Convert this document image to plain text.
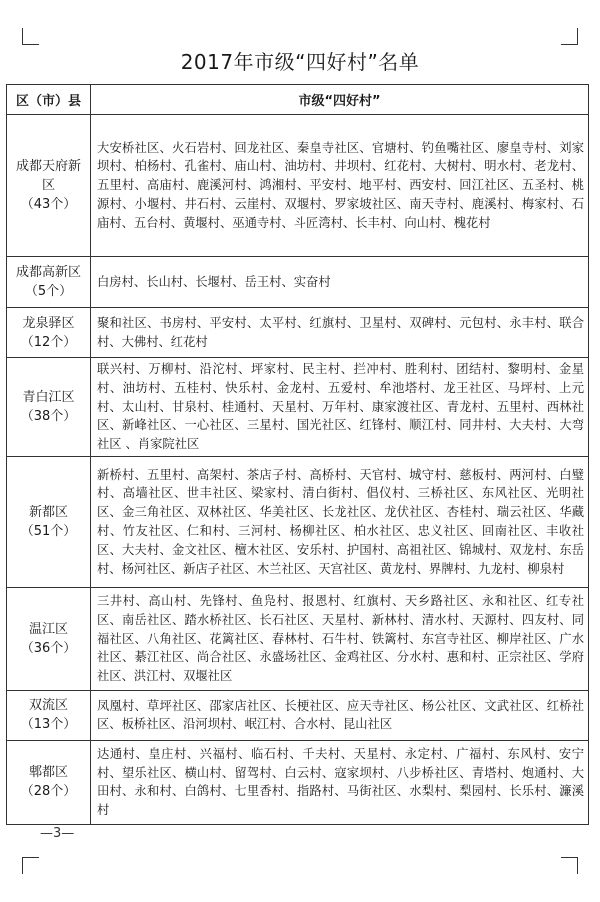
2017年市级“四好村”名单
区（市）县	市级“四好村”
成都天府新区
（43个）	大安桥社区、火石岩村、回龙社区、秦皇寺社区、官塘村、钓鱼嘴社区、廖皇寺村、刘家坝村、柏杨村、孔雀村、庙山村、油坊村、井坝村、红花村、大树村、明水村、老龙村、五里村、高庙村、鹿溪河村、鸿湘村、平安村、地平村、西安村、回江社区、五圣村、桃源村、小堰村、井石村、云崖村、双堰村、罗家坡社区、南天寺村、鹿溪村、梅家村、石庙村、五台村、黄堰村、巫通寺村、斗匠湾村、长丰村、向山村、槐花村
成都高新区
（5个）	白房村、长山村、长堰村、岳王村、实奋村
龙泉驿区
（12个）	聚和社区、书房村、平安村、太平村、红旗村、卫星村、双碑村、元包村、永丰村、联合村、大佛村、红花村
青白江区
（38个）	联兴村、万柳村、沿沱村、坪家村、民主村、拦冲村、胜利村、团结村、黎明村、金星村、油坊村、五桂村、快乐村、金龙村、五爱村、牟池塔村、龙王社区、马坪村、上元村、太山村、甘泉村、桂通村、天星村、万年村、康家渡社区、青龙村、五里村、西林社区、新峰社区、一心社区、三星村、国光社区、红锋村、顺江村、同井村、大夫村、大弯社区 、肖家院社区
新都区
（51个）	新桥村、五里村、高架村、茶店子村、高桥村、天官村、城守村、慈板村、两河村、白璧村、高墙社区、世丰社区、梁家村、清白街村、倡仪村、三桥社区、东风社区、光明社区、金三角社区、双林社区、华美社区、长龙社区、龙伏社区、杏桂村、瑞云社区、华藏村、竹友社区、仁和村、三河村、杨柳社区、柏水社区、忠义社区、回南社区、丰收社区、大夫村、金文社区、檀木社区、安乐村、护国村、高祖社区、锦城村、双龙村、东岳村、杨河社区、新店子社区、木兰社区、天宫社区、黄龙村、界牌村、九龙村、柳泉村
温江区
（36个）	三井村、高山村、先锋村、鱼凫村、报恩村、红旗村、天乡路社区、永和社区、红专社区、南岳社区、踏水桥社区、长石社区、天星村、新林村、清水村、天源村、四友村、同福社区、八角社区、花篱社区、春林村、石牛村、铁篱村、东宫寺社区、柳岸社区、广水社区、綦江社区、尚合社区、永盛场社区、金鸡社区、分水村、惠和村、正宗社区、学府社区、洪江村、双堰社区
双流区
（13个）	凤凰村、草坪社区、邵家店社区、长梗社区、应天寺社区、杨公社区、文武社区、红桥社区、板桥社区、沿河坝村、岷江村、合水村、昆山社区
郫都区
（28个）	达通村、皇庄村、兴福村、临石村、千夫村、天星村、永定村、广福村、东风村、安宁村、望乐社区、横山村、留驾村、白云村、寇家坝村、八步桥社区、青塔村、炮通村、大田村、永和村、白鸽村、七里香村、指路村、马街社区、水梨村、梨园村、长乐村、濂溪村
—3—
